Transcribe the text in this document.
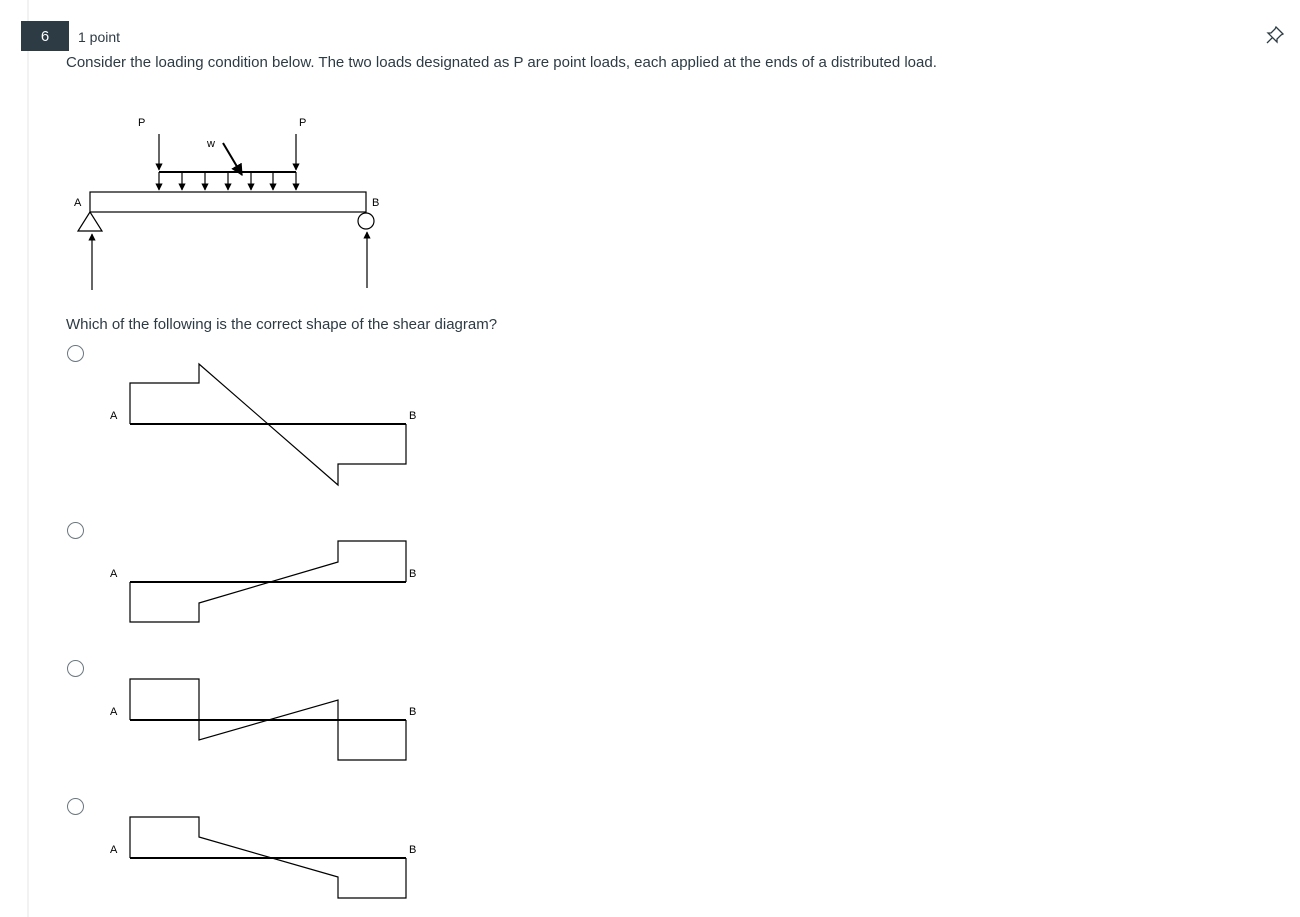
6 1 point
Consider the loading condition below. The two loads designated as P are point loads, each applied at the ends of a distributed load.
P	P
w
A	B
Which of the following is the correct shape of the shear diagram?
A	B
A	B
A	B
A	B
